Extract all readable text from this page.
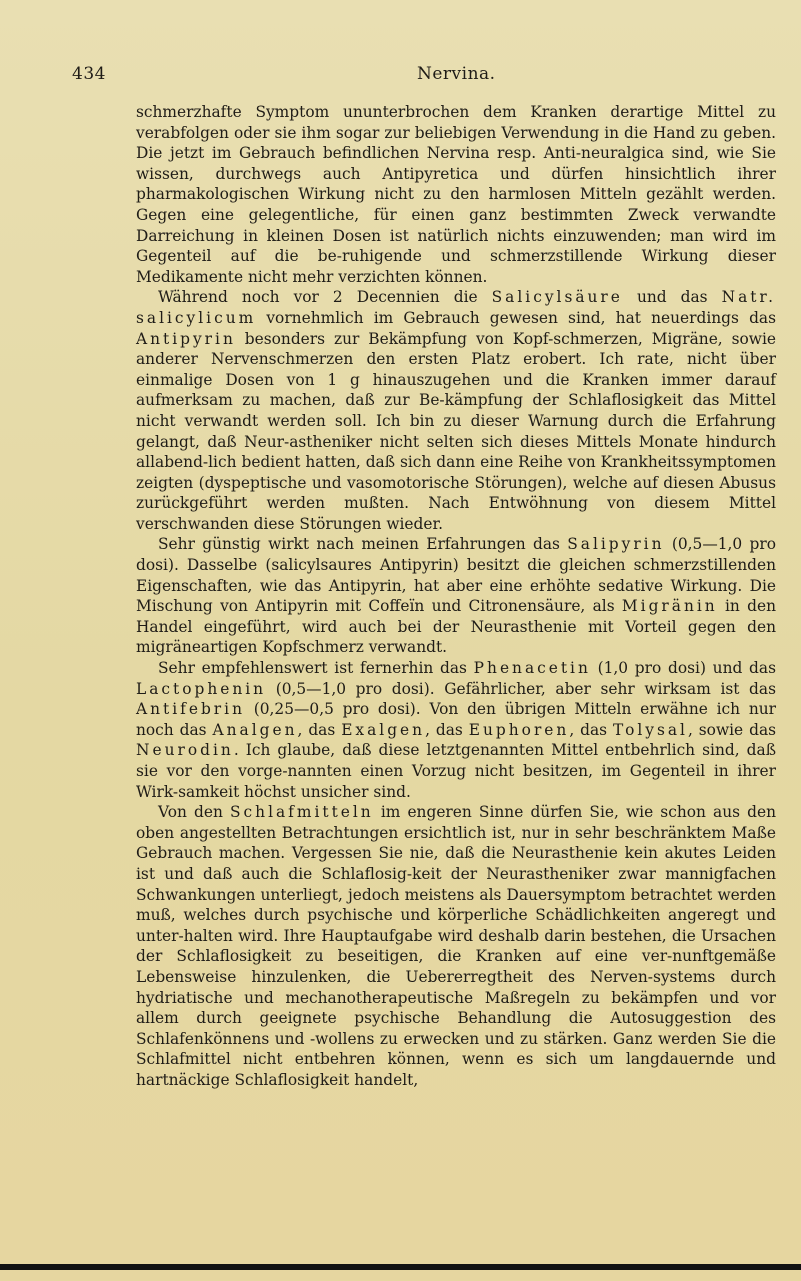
434	Nervina.

schmerzhafte Symptom ununterbrochen dem Kranken derartige Mittel zu verabfolgen oder sie ihm sogar zur beliebigen Verwendung in die Hand zu geben. Die jetzt im Gebrauch befindlichen Nervina resp. Anti-neuralgica sind, wie Sie wissen, durchwegs auch Antipyretica und dürfen hinsichtlich ihrer pharmakologischen Wirkung nicht zu den harmlosen Mitteln gezählt werden. Gegen eine gelegentliche, für einen ganz bestimmten Zweck verwandte Darreichung in kleinen Dosen ist natürlich nichts einzuwenden; man wird im Gegenteil auf die be-ruhigende und schmerzstillende Wirkung dieser Medikamente nicht mehr verzichten können.

Während noch vor 2 Decennien die Salicylsäure und das Natr. salicylicum vornehmlich im Gebrauch gewesen sind, hat neuerdings das Antipyrin besonders zur Bekämpfung von Kopf-schmerzen, Migräne, sowie anderer Nervenschmerzen den ersten Platz erobert. Ich rate, nicht über einmalige Dosen von 1 g hinauszugehen und die Kranken immer darauf aufmerksam zu machen, daß zur Be-kämpfung der Schlaflosigkeit das Mittel nicht verwandt werden soll. Ich bin zu dieser Warnung durch die Erfahrung gelangt, daß Neur-astheniker nicht selten sich dieses Mittels Monate hindurch allabend-lich bedient hatten, daß sich dann eine Reihe von Krankheitssymptomen zeigten (dyspeptische und vasomotorische Störungen), welche auf diesen Abusus zurückgeführt werden mußten. Nach Entwöhnung von diesem Mittel verschwanden diese Störungen wieder.

Sehr günstig wirkt nach meinen Erfahrungen das Salipyrin (0,5—1,0 pro dosi). Dasselbe (salicylsaures Antipyrin) besitzt die gleichen schmerzstillenden Eigenschaften, wie das Antipyrin, hat aber eine erhöhte sedative Wirkung. Die Mischung von Antipyrin mit Coffeïn und Citronensäure, als Migränin in den Handel eingeführt, wird auch bei der Neurasthenie mit Vorteil gegen den migräneartigen Kopfschmerz verwandt.

Sehr empfehlenswert ist fernerhin das Phenacetin (1,0 pro dosi) und das Lactophenin (0,5—1,0 pro dosi). Gefährlicher, aber sehr wirksam ist das Antifebrin (0,25—0,5 pro dosi). Von den übrigen Mitteln erwähne ich nur noch das Analgen, das Exalgen, das Euphoren, das Tolysal, sowie das Neurodin. Ich glaube, daß diese letztgenannten Mittel entbehrlich sind, daß sie vor den vorge-nannten einen Vorzug nicht besitzen, im Gegenteil in ihrer Wirk-samkeit höchst unsicher sind.

Von den Schlafmitteln im engeren Sinne dürfen Sie, wie schon aus den oben angestellten Betrachtungen ersichtlich ist, nur in sehr beschränktem Maße Gebrauch machen. Vergessen Sie nie, daß die Neurasthenie kein akutes Leiden ist und daß auch die Schlaflosig-keit der Neurastheniker zwar mannigfachen Schwankungen unterliegt, jedoch meistens als Dauersymptom betrachtet werden muß, welches durch psychische und körperliche Schädlichkeiten angeregt und unter-halten wird. Ihre Hauptaufgabe wird deshalb darin bestehen, die Ursachen der Schlaflosigkeit zu beseitigen, die Kranken auf eine ver-nunftgemäße Lebensweise hinzulenken, die Uebererregtheit des Nerven-systems durch hydriatische und mechanotherapeutische Maßregeln zu bekämpfen und vor allem durch geeignete psychische Behandlung die Autosuggestion des Schlafenkönnens und -wollens zu erwecken und zu stärken. Ganz werden Sie die Schlafmittel nicht entbehren können, wenn es sich um langdauernde und hartnäckige Schlaflosigkeit handelt,
